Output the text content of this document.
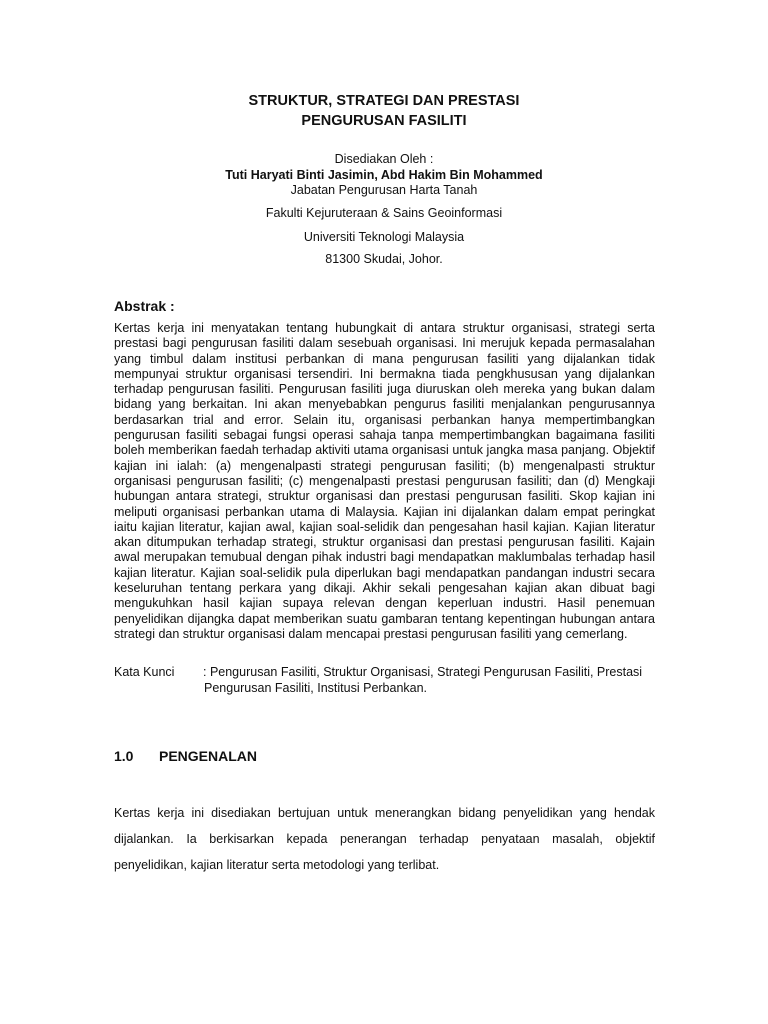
STRUKTUR, STRATEGI DAN PRESTASI
PENGURUSAN FASILITI
Disediakan Oleh :
Tuti Haryati Binti Jasimin, Abd Hakim Bin Mohammed
Jabatan Pengurusan Harta Tanah
Fakulti Kejuruteraan & Sains Geoinformasi
Universiti Teknologi Malaysia
81300 Skudai, Johor.
Abstrak :
Kertas kerja ini menyatakan tentang hubungkait di antara struktur organisasi, strategi serta
prestasi bagi pengurusan fasiliti dalam sesebuah organisasi. Ini merujuk kepada permasalahan
yang timbul dalam institusi perbankan di mana pengurusan fasiliti yang dijalankan tidak
mempunyai struktur organisasi tersendiri. Ini bermakna tiada pengkhususan yang dijalankan
terhadap pengurusan fasiliti. Pengurusan fasiliti juga diuruskan oleh mereka yang bukan dalam
bidang yang berkaitan. Ini akan menyebabkan pengurus fasiliti menjalankan pengurusannya
berdasarkan trial and error. Selain itu, organisasi perbankan hanya mempertimbangkan
pengurusan fasiliti sebagai fungsi operasi sahaja tanpa mempertimbangkan bagaimana fasiliti
boleh memberikan faedah terhadap aktiviti utama organisasi untuk jangka masa panjang. Objektif
kajian ini ialah: (a) mengenalpasti strategi pengurusan fasiliti; (b) mengenalpasti struktur
organisasi pengurusan fasiliti; (c) mengenalpasti prestasi pengurusan fasiliti; dan (d) Mengkaji
hubungan antara strategi, struktur organisasi dan prestasi pengurusan fasiliti. Skop kajian ini
meliputi organisasi perbankan utama di Malaysia. Kajian ini dijalankan dalam empat peringkat
iaitu kajian literatur, kajian awal, kajian soal-selidik dan pengesahan hasil kajian. Kajian literatur
akan ditumpukan terhadap strategi, struktur organisasi dan prestasi pengurusan fasiliti. Kajain
awal merupakan temubual dengan pihak industri bagi mendapatkan maklumbalas terhadap hasil
kajian literatur. Kajian soal-selidik pula diperlukan bagi mendapatkan pandangan industri secara
keseluruhan tentang perkara yang dikaji. Akhir sekali pengesahan kajian akan dibuat bagi
mengukuhkan hasil kajian supaya relevan dengan keperluan industri. Hasil penemuan
penyelidikan dijangka dapat memberikan suatu gambaran tentang kepentingan hubungan antara
strategi dan struktur organisasi dalam mencapai prestasi pengurusan fasiliti yang cemerlang.
Kata Kunci : Pengurusan Fasiliti, Struktur Organisasi, Strategi Pengurusan Fasiliti, Prestasi
Pengurusan Fasiliti, Institusi Perbankan.
1.0 PENGENALAN
Kertas kerja ini disediakan bertujuan untuk menerangkan bidang penyelidikan yang hendak
dijalankan. Ia berkisarkan kepada penerangan terhadap penyataan masalah, objektif
penyelidikan, kajian literatur serta metodologi yang terlibat.
